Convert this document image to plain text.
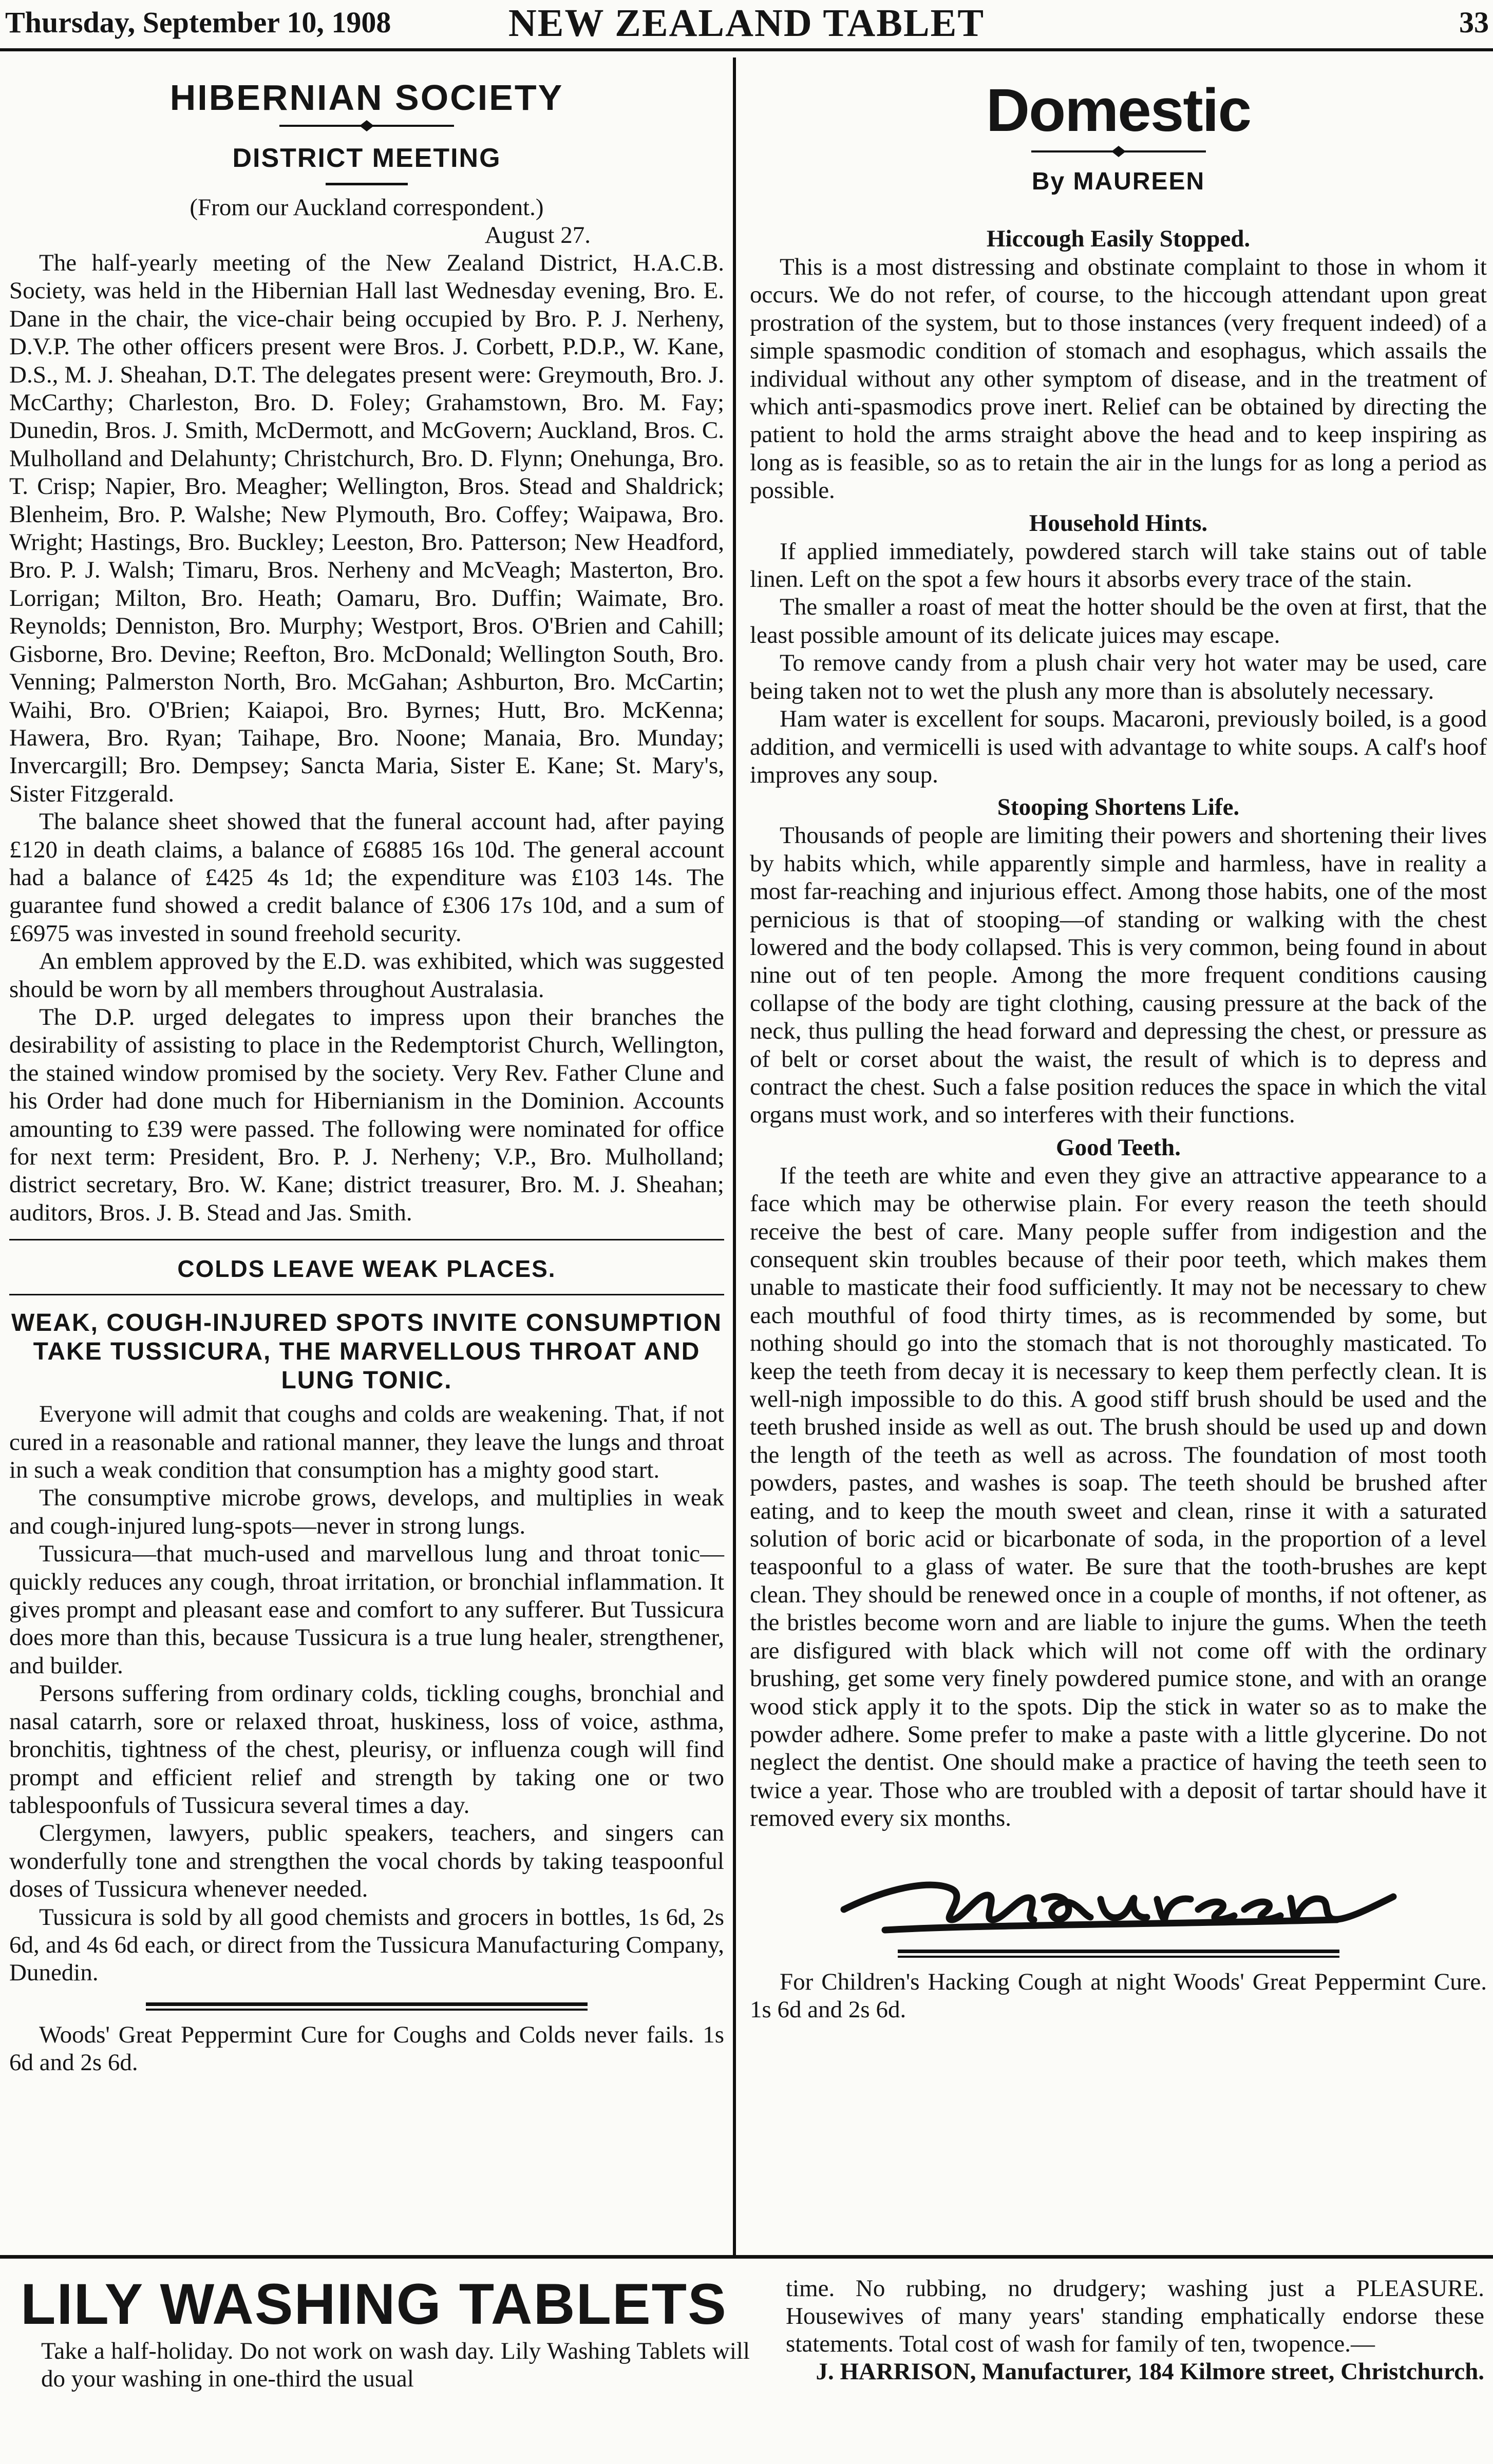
Thursday, September 10, 1908	NEW ZEALAND TABLET	33
HIBERNIAN SOCIETY
DISTRICT MEETING

(From our Auckland correspondent.)

August 27.

The half-yearly meeting of the New Zealand District, H.A.C.B. Society, was held in the Hibernian Hall last Wednesday evening, Bro. E. Dane in the chair, the vice-chair being occupied by Bro. P. J. Nerheny, D.V.P. The other officers present were Bros. J. Corbett, P.D.P., W. Kane, D.S., M. J. Sheahan, D.T. The delegates present were: Greymouth, Bro. J. McCarthy; Charleston, Bro. D. Foley; Grahamstown, Bro. M. Fay; Dunedin, Bros. J. Smith, McDermott, and McGovern; Auckland, Bros. C. Mulholland and Delahunty; Christchurch, Bro. D. Flynn; Onehunga, Bro. T. Crisp; Napier, Bro. Meagher; Wellington, Bros. Stead and Shaldrick; Blenheim, Bro. P. Walshe; New Plymouth, Bro. Coffey; Waipawa, Bro. Wright; Hastings, Bro. Buckley; Leeston, Bro. Patterson; New Headford, Bro. P. J. Walsh; Timaru, Bros. Nerheny and McVeagh; Masterton, Bro. Lorrigan; Milton, Bro. Heath; Oamaru, Bro. Duffin; Waimate, Bro. Reynolds; Denniston, Bro. Murphy; Westport, Bros. O'Brien and Cahill; Gisborne, Bro. Devine; Reefton, Bro. McDonald; Wellington South, Bro. Venning; Palmerston North, Bro. McGahan; Ashburton, Bro. McCartin; Waihi, Bro. O'Brien; Kaiapoi, Bro. Byrnes; Hutt, Bro. McKenna; Hawera, Bro. Ryan; Taihape, Bro. Noone; Manaia, Bro. Munday; Invercargill; Bro. Dempsey; Sancta Maria, Sister E. Kane; St. Mary's, Sister Fitzgerald.

The balance sheet showed that the funeral account had, after paying £120 in death claims, a balance of £6885 16s 10d. The general account had a balance of £425 4s 1d; the expenditure was £103 14s. The guarantee fund showed a credit balance of £306 17s 10d, and a sum of £6975 was invested in sound freehold security.

An emblem approved by the E.D. was exhibited, which was suggested should be worn by all members throughout Australasia.

The D.P. urged delegates to impress upon their branches the desirability of assisting to place in the Redemptorist Church, Wellington, the stained window promised by the society. Very Rev. Father Clune and his Order had done much for Hibernianism in the Dominion. Accounts amounting to £39 were passed. The following were nominated for office for next term: President, Bro. P. J. Nerheny; V.P., Bro. Mulholland; district secretary, Bro. W. Kane; district treasurer, Bro. M. J. Sheahan; auditors, Bros. J. B. Stead and Jas. Smith.

COLDS LEAVE WEAK PLACES.
WEAK, COUGH-INJURED SPOTS INVITE CONSUMPTION TAKE TUSSICURA, THE MARVELLOUS THROAT AND LUNG TONIC.

Everyone will admit that coughs and colds are weakening. That, if not cured in a reasonable and rational manner, they leave the lungs and throat in such a weak condition that consumption has a mighty good start.

The consumptive microbe grows, develops, and multiplies in weak and cough-injured lung-spots—never in strong lungs.

Tussicura—that much-used and marvellous lung and throat tonic—quickly reduces any cough, throat irritation, or bronchial inflammation. It gives prompt and pleasant ease and comfort to any sufferer. But Tussicura does more than this, because Tussicura is a true lung healer, strengthener, and builder.

Persons suffering from ordinary colds, tickling coughs, bronchial and nasal catarrh, sore or relaxed throat, huskiness, loss of voice, asthma, bronchitis, tightness of the chest, pleurisy, or influenza cough will find prompt and efficient relief and strength by taking one or two tablespoonfuls of Tussicura several times a day.

Clergymen, lawyers, public speakers, teachers, and singers can wonderfully tone and strengthen the vocal chords by taking teaspoonful doses of Tussicura whenever needed.

Tussicura is sold by all good chemists and grocers in bottles, 1s 6d, 2s 6d, and 4s 6d each, or direct from the Tussicura Manufacturing Company, Dunedin.

Woods' Great Peppermint Cure for Coughs and Colds never fails. 1s 6d and 2s 6d.

Domestic
By MAUREEN
Hiccough Easily Stopped.

This is a most distressing and obstinate complaint to those in whom it occurs. We do not refer, of course, to the hiccough attendant upon great prostration of the system, but to those instances (very frequent indeed) of a simple spasmodic condition of stomach and esophagus, which assails the individual without any other symptom of disease, and in the treatment of which anti-spasmodics prove inert. Relief can be obtained by directing the patient to hold the arms straight above the head and to keep inspiring as long as is feasible, so as to retain the air in the lungs for as long a period as possible.

Household Hints.

If applied immediately, powdered starch will take stains out of table linen. Left on the spot a few hours it absorbs every trace of the stain.

The smaller a roast of meat the hotter should be the oven at first, that the least possible amount of its delicate juices may escape.

To remove candy from a plush chair very hot water may be used, care being taken not to wet the plush any more than is absolutely necessary.

Ham water is excellent for soups. Macaroni, previously boiled, is a good addition, and vermicelli is used with advantage to white soups. A calf's hoof improves any soup.

Stooping Shortens Life.

Thousands of people are limiting their powers and shortening their lives by habits which, while apparently simple and harmless, have in reality a most far-reaching and injurious effect. Among those habits, one of the most pernicious is that of stooping—of standing or walking with the chest lowered and the body collapsed. This is very common, being found in about nine out of ten people. Among the more frequent conditions causing collapse of the body are tight clothing, causing pressure at the back of the neck, thus pulling the head forward and depressing the chest, or pressure as of belt or corset about the waist, the result of which is to depress and contract the chest. Such a false position reduces the space in which the vital organs must work, and so interferes with their functions.

Good Teeth.

If the teeth are white and even they give an attractive appearance to a face which may be otherwise plain. For every reason the teeth should receive the best of care. Many people suffer from indigestion and the consequent skin troubles because of their poor teeth, which makes them unable to masticate their food sufficiently. It may not be necessary to chew each mouthful of food thirty times, as is recommended by some, but nothing should go into the stomach that is not thoroughly masticated. To keep the teeth from decay it is necessary to keep them perfectly clean. It is well-nigh impossible to do this. A good stiff brush should be used and the teeth brushed inside as well as out. The brush should be used up and down the length of the teeth as well as across. The foundation of most tooth powders, pastes, and washes is soap. The teeth should be brushed after eating, and to keep the mouth sweet and clean, rinse it with a saturated solution of boric acid or bicarbonate of soda, in the proportion of a level teaspoonful to a glass of water. Be sure that the tooth-brushes are kept clean. They should be renewed once in a couple of months, if not oftener, as the bristles become worn and are liable to injure the gums. When the teeth are disfigured with black which will not come off with the ordinary brushing, get some very finely powdered pumice stone, and with an orange wood stick apply it to the spots. Dip the stick in water so as to make the powder adhere. Some prefer to make a paste with a little glycerine. Do not neglect the dentist. One should make a practice of having the teeth seen to twice a year. Those who are troubled with a deposit of tartar should have it removed every six months.

For Children's Hacking Cough at night Woods' Great Peppermint Cure. 1s 6d and 2s 6d.

LILY WASHING TABLETS

Take a half-holiday. Do not work on wash day. Lily Washing Tablets will do your washing in one-third the usual

time. No rubbing, no drudgery; washing just a PLEASURE. Housewives of many years' standing emphatically endorse these statements. Total cost of wash for family of ten, twopence.—

J. HARRISON, Manufacturer, 184 Kilmore street, Christchurch.
